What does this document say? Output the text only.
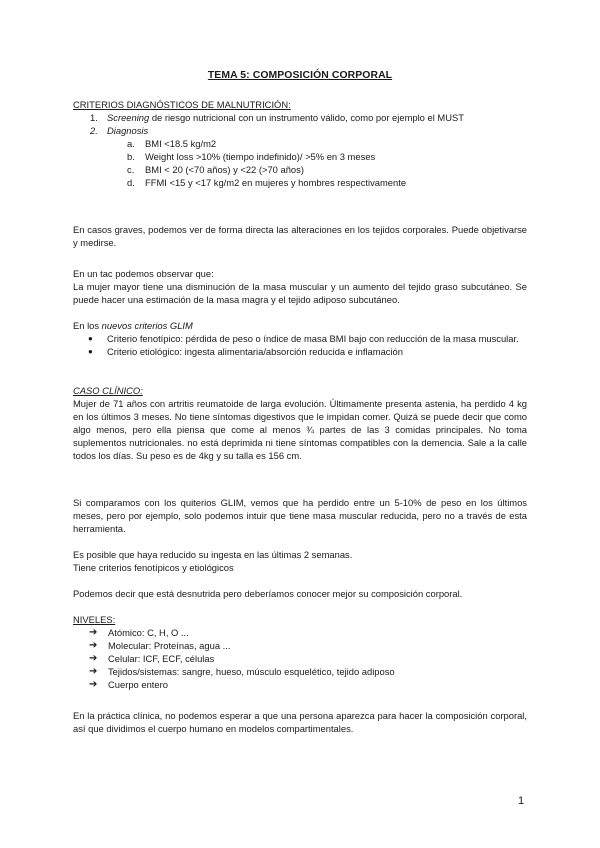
TEMA 5: COMPOSICIÓN CORPORAL

CRITERIOS DIAGNÓSTICOS DE MALNUTRICIÓN:

1. Screening de riesgo nutricional con un instrumento válido, como por ejemplo el MUST
2. Diagnosis
a. BMI <18.5 kg/m2
b. Weight loss >10% (tiempo indefinido)/ >5% en 3 meses
c. BMI < 20 (<70 años) y <22 (>70 años)
d. FFMI <15 y <17 kg/m2 en mujeres y hombres respectivamente

En casos graves, podemos ver de forma directa las alteraciones en los tejidos corporales. Puede objetivarse y medirse.

En un tac podemos observar que:

La mujer mayor tiene una disminución de la masa muscular y un aumento del tejido graso subcutáneo. Se puede hacer una estimación de la masa magra y el tejido adiposo subcutáneo.

En los nuevos criterios GLIM

● Criterio fenotípico: pérdida de peso o índice de masa BMI bajo con reducción de la masa muscular.
● Criterio etiológico: ingesta alimentaria/absorción reducida e inflamación

CASO CLÍNICO:

Mujer de 71 años con artritis reumatoide de larga evolución. Últimamente presenta astenia, ha perdido 4 kg en los últimos 3 meses. No tiene síntomas digestivos que le impidan comer. Quizá se puede decir que como algo menos, pero ella piensa que come al menos ¾ partes de las 3 comidas principales. No toma suplementos nutricionales. no está deprimida ni tiene síntomas compatibles con la demencia. Sale a la calle todos los días. Su peso es de 4kg y su talla es 156 cm.

Si comparamos con los quiterios GLIM, vemos que ha perdido entre un 5-10% de peso en los últimos meses, pero por ejemplo, solo podemos intuir que tiene masa muscular reducida, pero no a través de esta herramienta.

Es posible que haya reducido su ingesta en las últimas 2 semanas.

Tiene criterios fenotípicos y etiológicos

Podemos decir que está desnutrida pero deberíamos conocer mejor su composición corporal.

NIVELES:

➔ Atómico: C, H, O ...
➔ Molecular: Proteínas, agua ...
➔ Celular: ICF, ECF, células
➔ Tejidos/sistemas: sangre, hueso, músculo esquelético, tejido adiposo
➔ Cuerpo entero

En la práctica clínica, no podemos esperar a que una persona aparezca para hacer la composición corporal, así que dividimos el cuerpo humano en modelos compartimentales.

1
